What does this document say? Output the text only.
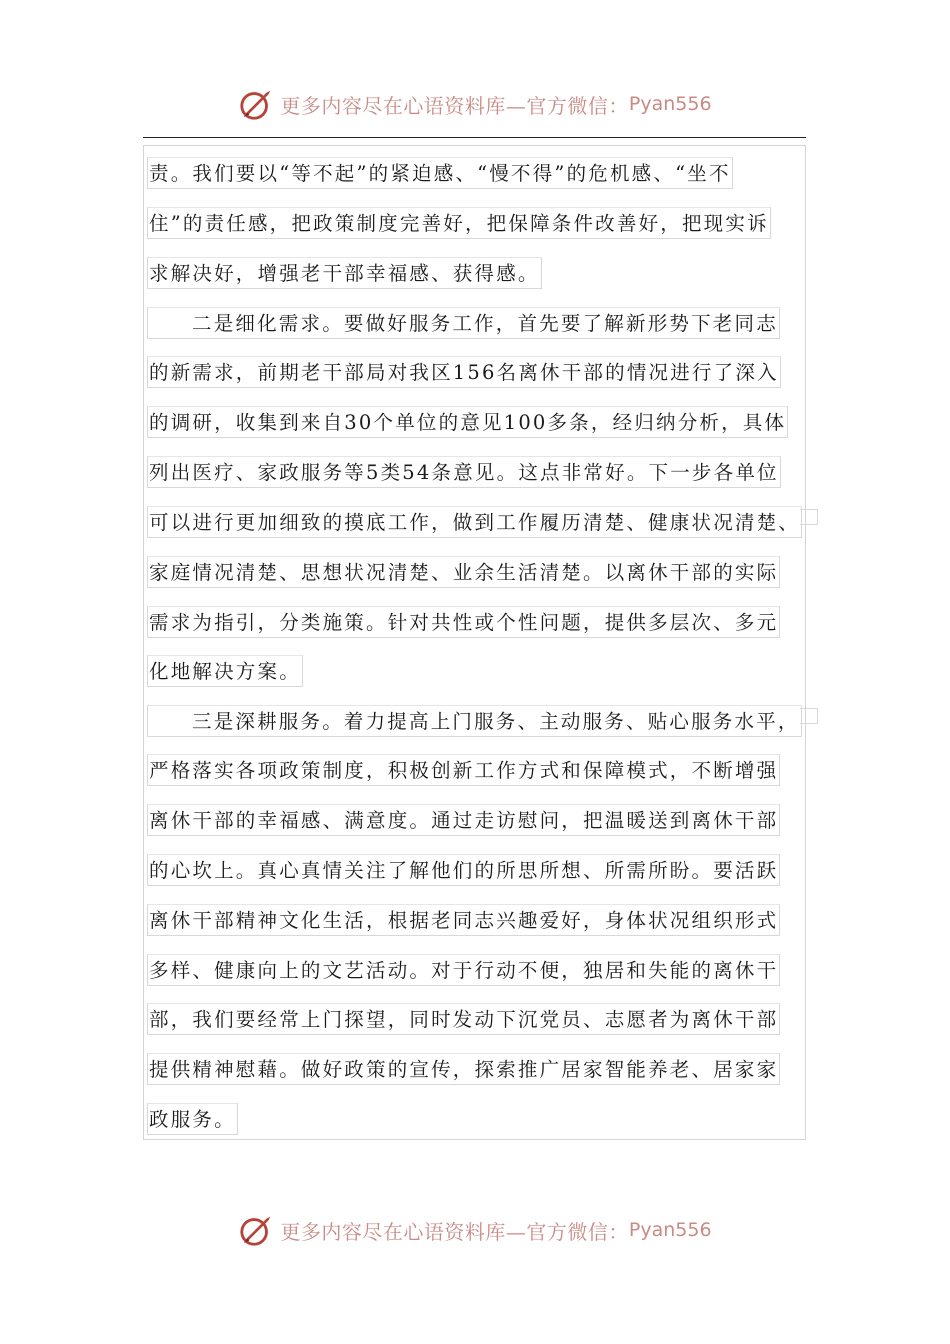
更多内容尽在心语资料库—官方微信： Pyan556
责。我们要以“等不起”的紧迫感、“慢不得”的危机感、“坐不
住”的责任感，把政策制度完善好，把保障条件改善好，把现实诉
求解决好，增强老干部幸福感、获得感。
二是细化需求。要做好服务工作，首先要了解新形势下老同志
的新需求，前期老干部局对我区156名离休干部的情况进行了深入
的调研，收集到来自30个单位的意见100多条，经归纳分析，具体
列出医疗、家政服务等5类54条意见。这点非常好。下一步各单位
可以进行更加细致的摸底工作，做到工作履历清楚、健康状况清楚、
家庭情况清楚、思想状况清楚、业余生活清楚。以离休干部的实际
需求为指引，分类施策。针对共性或个性问题，提供多层次、多元
化地解决方案。
三是深耕服务。着力提高上门服务、主动服务、贴心服务水平，
严格落实各项政策制度，积极创新工作方式和保障模式，不断增强
离休干部的幸福感、满意度。通过走访慰问，把温暖送到离休干部
的心坎上。真心真情关注了解他们的所思所想、所需所盼。要活跃
离休干部精神文化生活，根据老同志兴趣爱好，身体状况组织形式
多样、健康向上的文艺活动。对于行动不便，独居和失能的离休干
部，我们要经常上门探望，同时发动下沉党员、志愿者为离休干部
提供精神慰藉。做好政策的宣传，探索推广居家智能养老、居家家
政服务。
更多内容尽在心语资料库—官方微信： Pyan556
